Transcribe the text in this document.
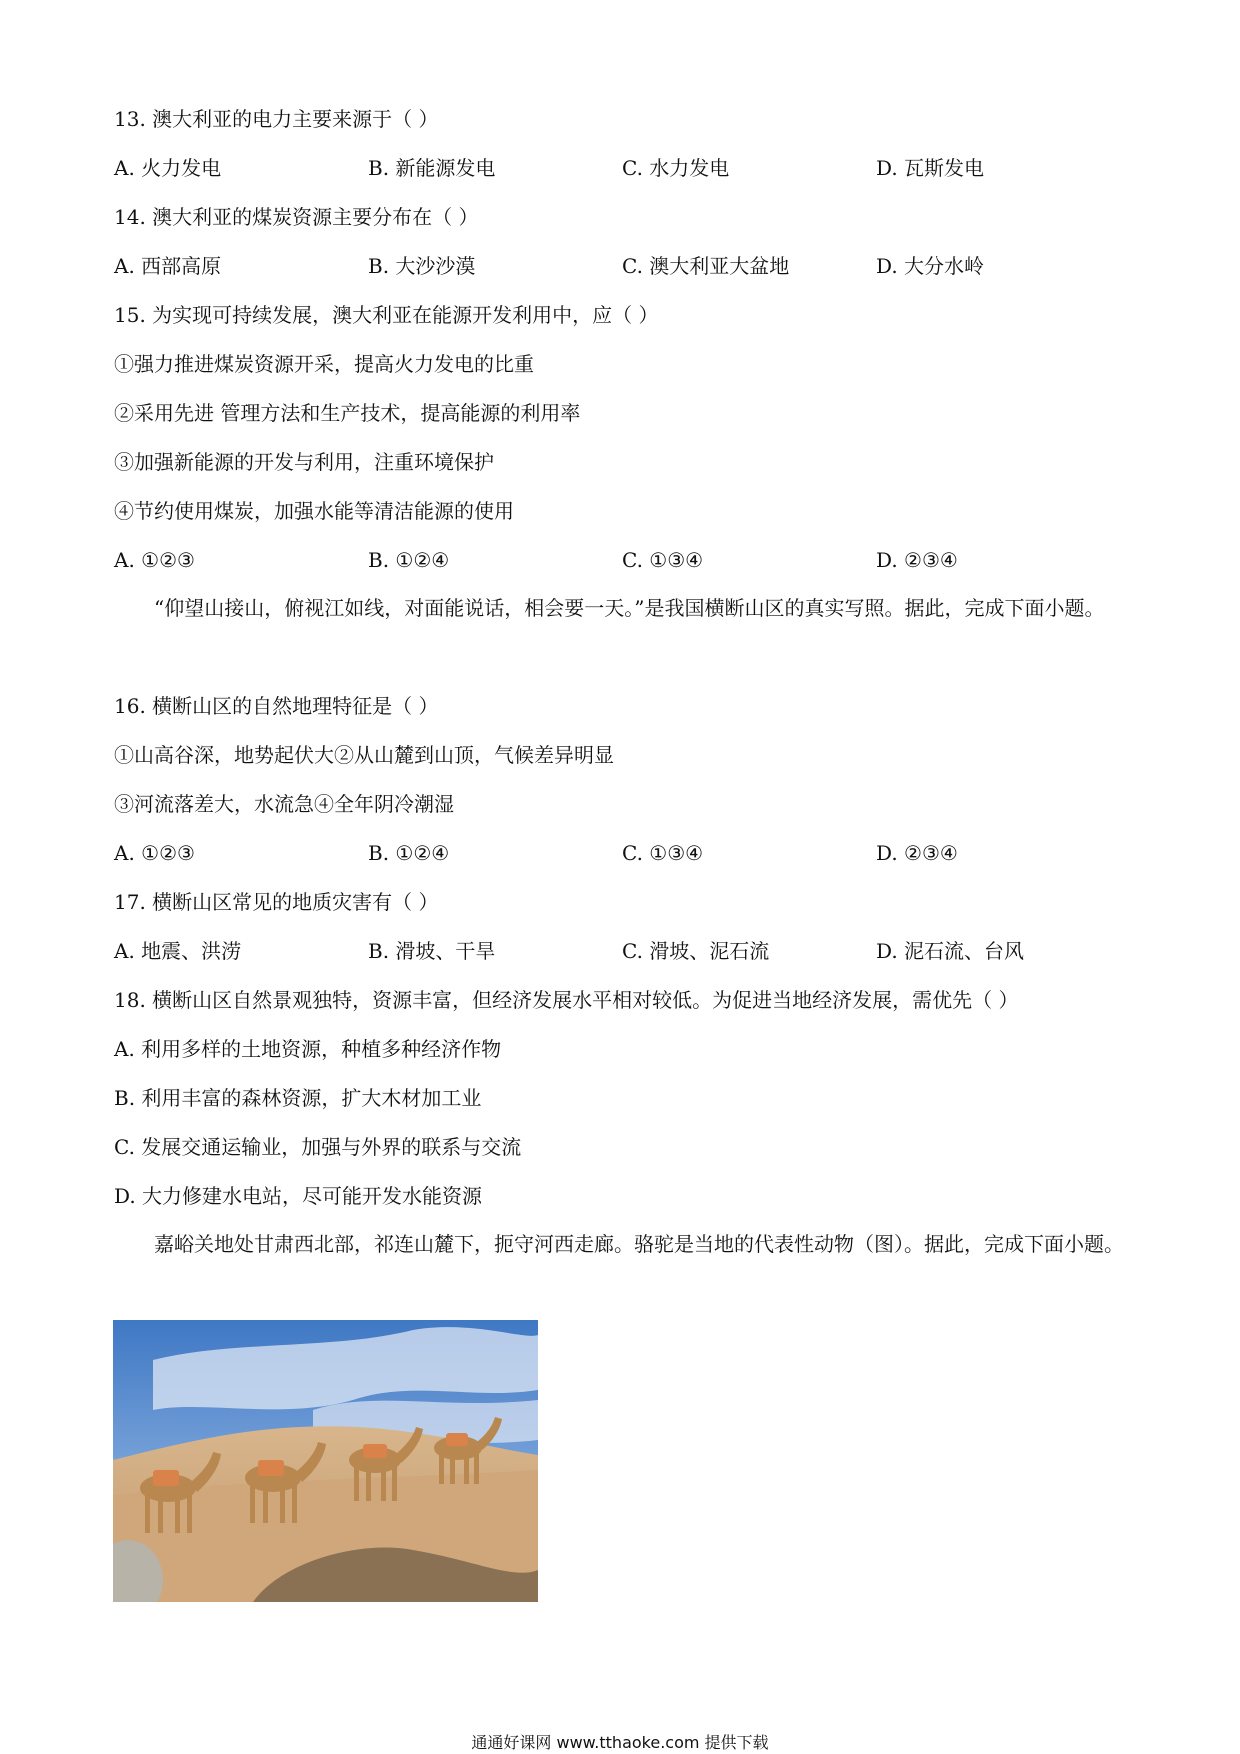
13. 澳大利亚的电力主要来源于（ ）
A. 火力发电	B. 新能源发电	C. 水力发电	D. 瓦斯发电
14. 澳大利亚的煤炭资源主要分布在（ ）
A. 西部高原	B. 大沙沙漠	C. 澳大利亚大盆地	D. 大分水岭
15. 为实现可持续发展，澳大利亚在能源开发利用中，应（ ）
①强力推进煤炭资源开采，提高火力发电的比重
②采用先进 管理方法和生产技术，提高能源的利用率
③加强新能源的开发与利用，注重环境保护
④节约使用煤炭，加强水能等清洁能源的使用
A. ①②③	B. ①②④	C. ①③④	D. ②③④
“仰望山接山，俯视江如线，对面能说话，相会要一天。”是我国横断山区的真实写照。据此，完成下面小题。
16. 横断山区的自然地理特征是（ ）
①山高谷深，地势起伏大②从山麓到山顶，气候差异明显
③河流落差大，水流急④全年阴冷潮湿
A. ①②③	B. ①②④	C. ①③④	D. ②③④
17. 横断山区常见的地质灾害有（ ）
A. 地震、洪涝	B. 滑坡、干旱	C. 滑坡、泥石流	D. 泥石流、台风
18. 横断山区自然景观独特，资源丰富，但经济发展水平相对较低。为促进当地经济发展，需优先（ ）
A. 利用多样的土地资源，种植多种经济作物
B. 利用丰富的森林资源，扩大木材加工业
C. 发展交通运输业，加强与外界的联系与交流
D. 大力修建水电站，尽可能开发水能资源
嘉峪关地处甘肃西北部，祁连山麓下，扼守河西走廊。骆驼是当地的代表性动物（图）。据此，完成下面小题。
通通好课网 www.tthaoke.com 提供下载
